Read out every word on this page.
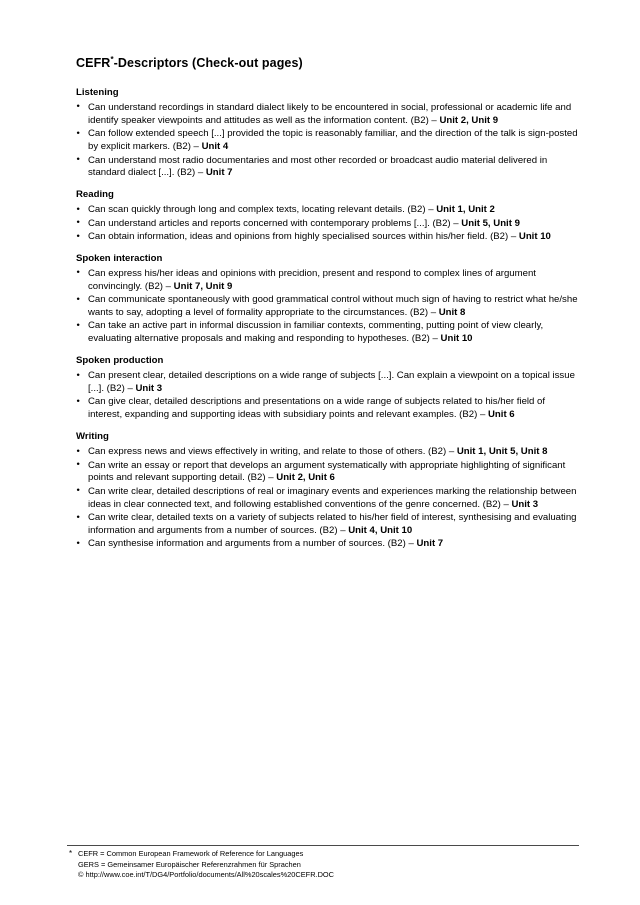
CEFR*-Descriptors (Check-out pages)
Listening
• Can understand recordings in standard dialect likely to be encountered in social, professional or academic life and identify speaker viewpoints and attitudes as well as the information content. (B2) – Unit 2, Unit 9
• Can follow extended speech [...] provided the topic is reasonably familiar, and the direction of the talk is sign-posted by explicit markers. (B2) – Unit 4
• Can understand most radio documentaries and most other recorded or broadcast audio material delivered in standard dialect [...]. (B2) – Unit 7
Reading
• Can scan quickly through long and complex texts, locating relevant details. (B2) – Unit 1, Unit 2
• Can understand articles and reports concerned with contemporary problems [...]. (B2) – Unit 5, Unit 9
• Can obtain information, ideas and opinions from highly specialised sources within his/her field. (B2) – Unit 10
Spoken interaction
• Can express his/her ideas and opinions with precidion, present and respond to complex lines of argument convincingly. (B2) – Unit 7, Unit 9
• Can communicate spontaneously with good grammatical control without much sign of having to restrict what he/she wants to say, adopting a level of formality appropriate to the circumstances. (B2) – Unit 8
• Can take an active part in informal discussion in familiar contexts, commenting, putting point of view clearly, evaluating alternative proposals and making and responding to hypotheses. (B2) – Unit 10
Spoken production
• Can present clear, detailed descriptions on a wide range of subjects [...]. Can explain a viewpoint on a topical issue [...]. (B2) – Unit 3
• Can give clear, detailed descriptions and presentations on a wide range of subjects related to his/her field of interest, expanding and supporting ideas with subsidiary points and relevant examples. (B2) – Unit 6
Writing
• Can express news and views effectively in writing, and relate to those of others. (B2) – Unit 1, Unit 5, Unit 8
• Can write an essay or report that develops an argument systematically with appropriate highlighting of significant points and relevant supporting detail. (B2) – Unit 2, Unit 6
• Can write clear, detailed descriptions of real or imaginary events and experiences marking the relationship between ideas in clear connected text, and following established conventions of the genre concerned. (B2) – Unit 3
• Can write clear, detailed texts on a variety of subjects related to his/her field of interest, synthesising and evaluating information and arguments from a number of sources. (B2) – Unit 4, Unit 10
• Can synthesise information and arguments from a number of sources. (B2) – Unit 7
* CEFR = Common European Framework of Reference for Languages
GERS = Gemeinsamer Europäischer Referenzrahmen für Sprachen
© http://www.coe.int/T/DG4/Portfolio/documents/All%20scales%20CEFR.DOC
